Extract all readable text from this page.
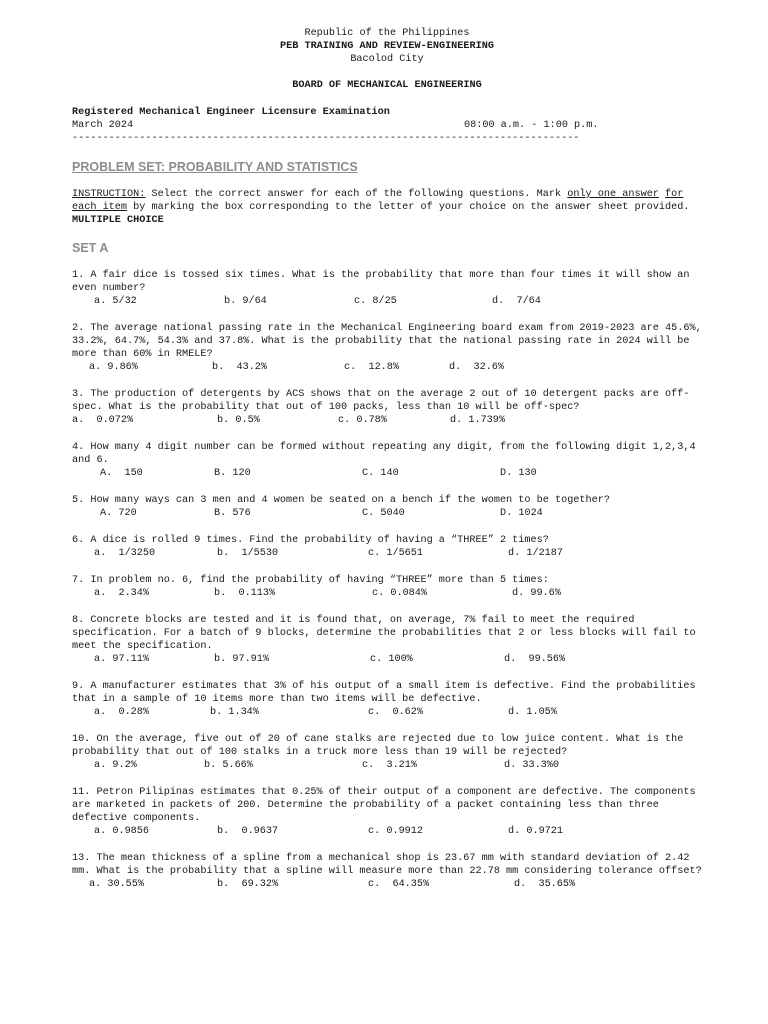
Republic of the Philippines
PEB TRAINING AND REVIEW-ENGINEERING
Bacolod City
BOARD OF MECHANICAL ENGINEERING
Registered Mechanical Engineer Licensure Examination
March 2024	08:00 a.m. - 1:00 p.m.
-----------------------------------------------------------------------------------
PROBLEM SET: PROBABILITY AND STATISTICS
INSTRUCTION: Select the correct answer for each of the following questions. Mark only one answer for each item by marking the box corresponding to the letter of your choice on the answer sheet provided.
MULTIPLE CHOICE
SET A
1. A fair dice is tossed six times. What is the probability that more than four times it will show an even number?
a. 5/32	b. 9/64	c. 8/25	d.  7/64
2. The average national passing rate in the Mechanical Engineering board exam from 2019-2023 are 45.6%, 33.2%, 64.7%, 54.3% and 37.8%. What is the probability that the national passing rate in 2024 will be more than 60% in RMELE?
a. 9.86%	b.  43.2%	c.  12.8%	d.  32.6%
3. The production of detergents by ACS shows that on the average 2 out of 10 detergent packs are off-spec. What is the probability that out of 100 packs, less than 10 will be off-spec?
a.  0.072%	b. 0.5%	c. 0.78%	d. 1.739%
4. How many 4 digit number can be formed without repeating any digit, from the following digit 1,2,3,4 and 6.
A.  150	B. 120	C. 140	D. 130
5. How many ways can 3 men and 4 women be seated on a bench if the women to be together?
A. 720	B. 576	C. 5040	D. 1024
6. A dice is rolled 9 times. Find the probability of having a “THREE” 2 times?
a.  1/3250	b.  1/5530	c. 1/5651	d. 1/2187
7. In problem no. 6, find the probability of having “THREE” more than 5 times:
a.  2.34%	b.  0.113%	c. 0.084%	d. 99.6%
8. Concrete blocks are tested and it is found that, on average, 7% fail to meet the required specification. For a batch of 9 blocks, determine the probabilities that 2 or less blocks will fail to meet the specification.
a. 97.11%	b. 97.91%	c. 100%	d.  99.56%
9. A manufacturer estimates that 3% of his output of a small item is defective. Find the probabilities that in a sample of 10 items more than two items will be defective.
a.  0.28%	b. 1.34%	c.  0.62%	d. 1.05%
10. On the average, five out of 20 of cane stalks are rejected due to low juice content. What is the probability that out of 100 stalks in a truck more less than 19 will be rejected?
a. 9.2%	b. 5.66%	c.  3.21%	d. 33.3%0
11. Petron Pilipinas estimates that 0.25% of their output of a component are defective. The components are marketed in packets of 200. Determine the probability of a packet containing less than three defective components.
a. 0.9856	b.  0.9637	c. 0.9912	d. 0.9721
13. The mean thickness of a spline from a mechanical shop is 23.67 mm with standard deviation of 2.42 mm. What is the probability that a spline will measure more than 22.78 mm considering tolerance offset?
a. 30.55%	b.  69.32%	c.  64.35%	d.  35.65%
